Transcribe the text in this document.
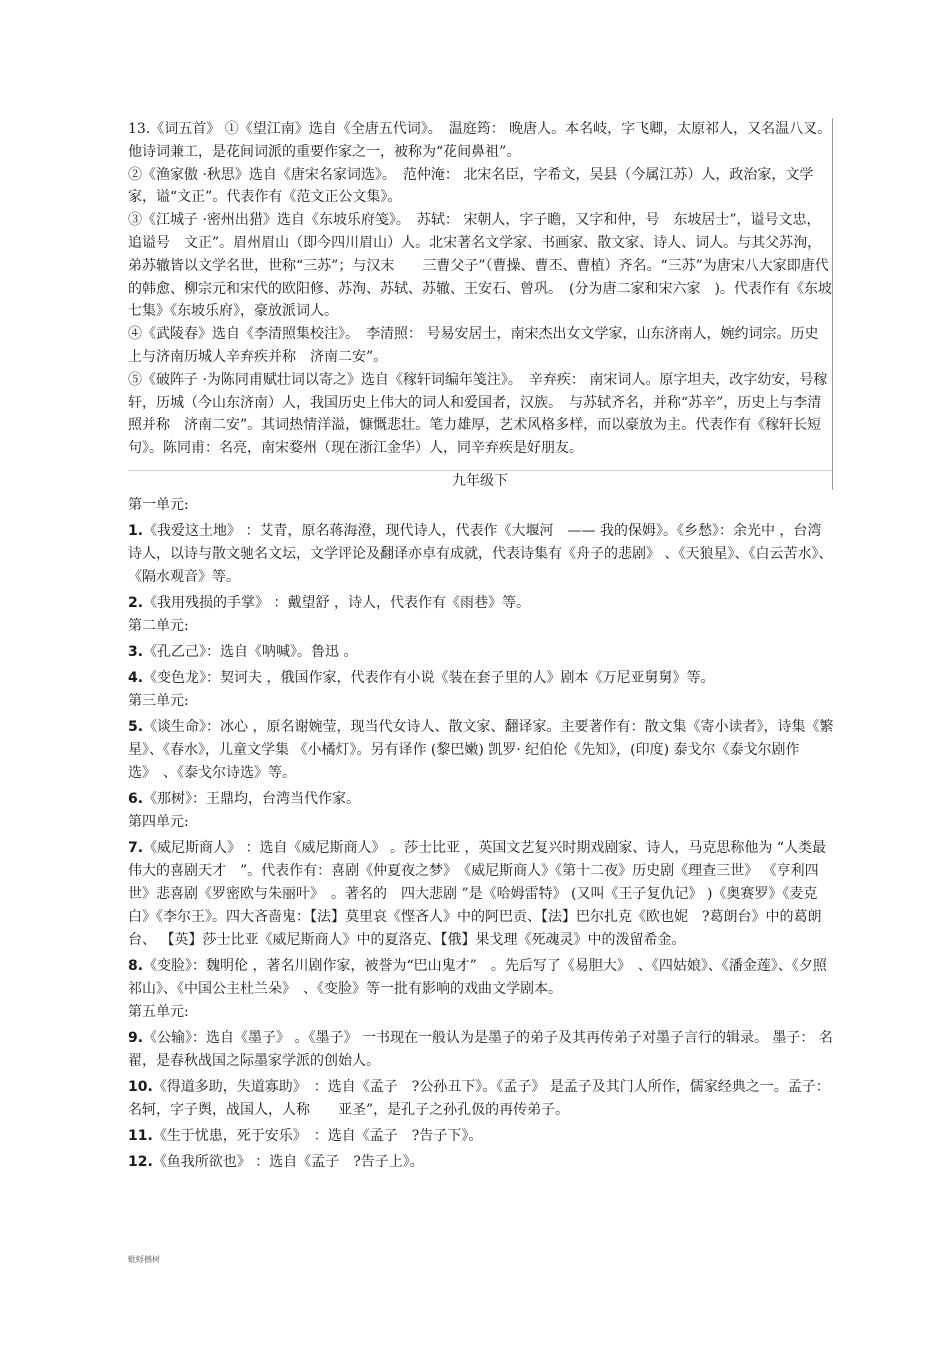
13.《词五首》 ①《望江南》选自《全唐五代词》。　温庭筠： 晚唐人。本名岐，字飞卿，太原祁人，又名温八叉。他诗词兼工，是花间词派的重要作家之一，被称为“花间鼻祖”。

②《渔家傲 ·秋思》选自《唐宋名家词选》。　范仲淹： 北宋名臣，字希文，吴县（今属江苏）人，政治家，文学家，谥“文正”。代表作有《范文正公文集》。

③《江城子 ·密州出猎》选自《东坡乐府笺》。　苏轼： 宋朝人，字子瞻，又字和仲，号　东坡居士”，谥号文忠，追谥号　文正”。眉州眉山（即今四川眉山）人。北宋著名文学家、书画家、散文家、诗人、词人。与其父苏洵，弟苏辙皆以文学名世，世称“三苏”；与汉末　　三曹父子”（曹操、曹丕、曹植）齐名。“三苏”为唐宋八大家即唐代的韩愈、柳宗元和宋代的欧阳修、苏洵、苏轼、苏辙、王安石、曾巩。　(分为唐二家和宋六家　)。代表作有《东坡七集》《东坡乐府》，豪放派词人。

④《武陵春》选自《李清照集校注》。　李清照： 号易安居士，南宋杰出女文学家，山东济南人，婉约词宗。历史上与济南历城人辛弃疾并称　济南二安”。

⑤《破阵子 ·为陈同甫赋壮词以寄之》选自《稼轩词编年笺注》。　辛弃疾： 南宋词人。原字坦夫，改字幼安，号稼轩，历城（今山东济南）人，我国历史上伟大的词人和爱国者，汉族。　与苏轼齐名，并称“苏辛”，历史上与李清照并称　济南二安”。其词热情洋溢，慷慨悲壮。笔力雄厚，艺术风格多样，而以豪放为主。代表作有《稼轩长短句》。陈同甫：名亮，南宋婺州（现在浙江金华）人，同辛弃疾是好朋友。

九年级下

第一单元:

1.《我爱这土地》 ：艾青，原名蒋海澄，现代诗人，代表作《大堰河　—— 我的保姆》。《乡愁》：余光中 ，台湾诗人，以诗与散文驰名文坛，文学评论及翻译亦卓有成就，代表诗集有《舟子的悲剧》 、《天狼星》、《白云苦水》、《隔水观音》等。

2.《我用残损的手掌》 ：戴望舒 ，诗人，代表作有《雨巷》等。

第二单元:

3.《孔乙己》：选自《呐喊》。鲁迅 。

4.《变色龙》：契诃夫 ，俄国作家，代表作有小说《装在套子里的人》剧本《万尼亚舅舅》等。

第三单元:

5.《谈生命》：冰心 ，原名谢婉莹，现当代女诗人、散文家、翻译家。主要著作有：散文集《寄小读者》，诗集《繁星》、《春水》，儿童文学集 《小橘灯》。另有译作 (黎巴嫩) 凯罗· 纪伯伦《先知》，(印度) 泰戈尔《泰戈尔剧作选》　、《泰戈尔诗选》等。

6.《那树》：王鼎均，台湾当代作家。

第四单元:

7.《威尼斯商人》 ：选自《威尼斯商人》 。莎士比亚 ，英国文艺复兴时期戏剧家、诗人，马克思称他为 “人类最伟大的喜剧天才　”。代表作有：喜剧《仲夏夜之梦》　《威尼斯商人》《第十二夜》历史剧《理查三世》 《亨利四世》悲喜剧《罗密欧与朱丽叶》　。著名的　四大悲剧 ”是《哈姆雷特》 (又叫《王子复仇记》 )《奥赛罗》《麦克白》《李尔王》。四大吝啬鬼：【法】莫里哀《悭吝人》中的阿巴贡、【法】巴尔扎克《欧也妮　?葛朗台》中的葛朗台、 【英】莎士比亚《威尼斯商人》中的夏洛克、【俄】果戈理《死魂灵》中的泼留希金。

8.《变脸》：魏明伦 ，著名川剧作家，被誉为“巴山鬼才”　。先后写了《易胆大》　、《四姑娘》、《潘金莲》、《夕照祁山》、《中国公主杜兰朵》　、《变脸》等一批有影响的戏曲文学剧本。

第五单元:

9.《公输》：选自《墨子》 。《墨子》 一书现在一般认为是墨子的弟子及其再传弟子对墨子言行的辑录。 墨子： 名翟，是春秋战国之际墨家学派的创始人。

10.《得道多助，失道寡助》　：选自《孟子　?公孙丑下》。《孟子》 是孟子及其门人所作，儒家经典之一。孟子：名轲，字子舆，战国人，人称　　亚圣”，是孔子之孙孔伋的再传弟子。

11.《生于忧患，死于安乐》　：选自《孟子　?告子下》。

12.《鱼我所欲也》 ：选自《孟子　?告子上》。

蚍蜉撼树
